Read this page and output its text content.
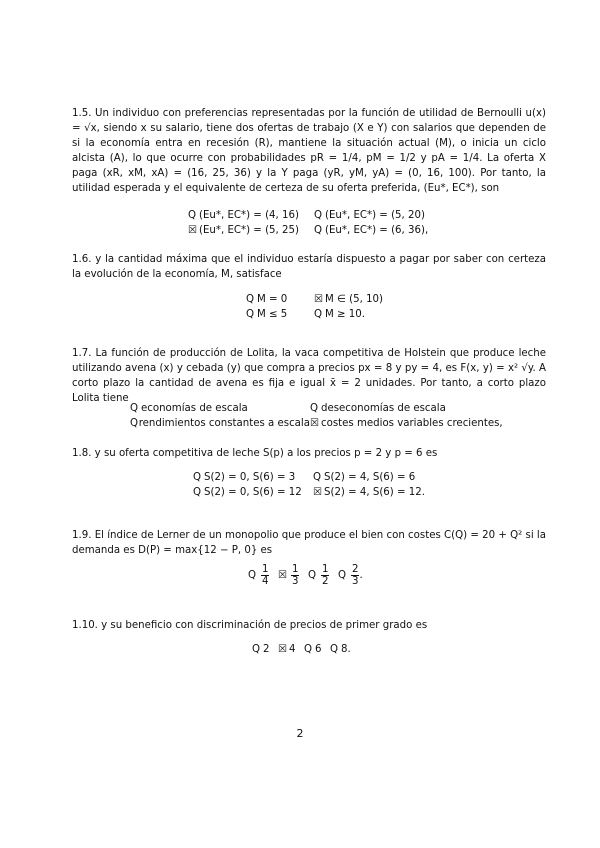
1.5. Un individuo con preferencias representadas por la función de utilidad de Bernoulli u(x) = √x, siendo x su salario, tiene dos ofertas de trabajo (X e Y) con salarios que dependen de si la economía entra en recesión (R), mantiene la situación actual (M), o inicia un ciclo alcista (A), lo que ocurre con probabilidades pR = 1/4, pM = 1/2 y pA = 1/4. La oferta X paga (xR, xM, xA) = (16, 25, 36) y la Y paga (yR, yM, yA) = (0, 16, 100). Por tanto, la utilidad esperada y el equivalente de certeza de su oferta preferida, (Eu*, EC*), son

Q (Eu*, EC*) = (4, 16) Q (Eu*, EC*) = (5, 20)
☒ (Eu*, EC*) = (5, 25) Q (Eu*, EC*) = (6, 36),

1.6. y la cantidad máxima que el individuo estaría dispuesto a pagar por saber con certeza la evolución de la economía, M, satisface

Q M = 0	☒ M ∈ (5, 10)
Q M ≤ 5	Q M ≥ 10.

1.7. La función de producción de Lolita, la vaca competitiva de Holstein que produce leche utilizando avena (x) y cebada (y) que compra a precios px = 8 y py = 4, es F(x, y) = x² √y. A corto plazo la cantidad de avena es fija e igual x̄ = 2 unidades. Por tanto, a corto plazo Lolita tiene

Q economías de escala	Q deseconomías de escala
Q rendimientos constantes a escala ☒ costes medios variables crecientes,

1.8. y su oferta competitiva de leche S(p) a los precios p = 2 y p = 6 es

Q S(2) = 0, S(6) = 3 Q S(2) = 4, S(6) = 6
Q S(2) = 0, S(6) = 12 ☒ S(2) = 4, S(6) = 12.

1.9. El índice de Lerner de un monopolio que produce el bien con costes C(Q) = 20 + Q² si la demanda es D(P) = max{12 − P, 0} es

Q $\frac{1}{4}$ ☒ $\frac{1}{3}$ Q $\frac{1}{2}$ Q $\frac{2}{3}$ .

1.10. y su beneficio con discriminación de precios de primer grado es

Q 2 ☒ 4 Q 6 Q 8.
2
